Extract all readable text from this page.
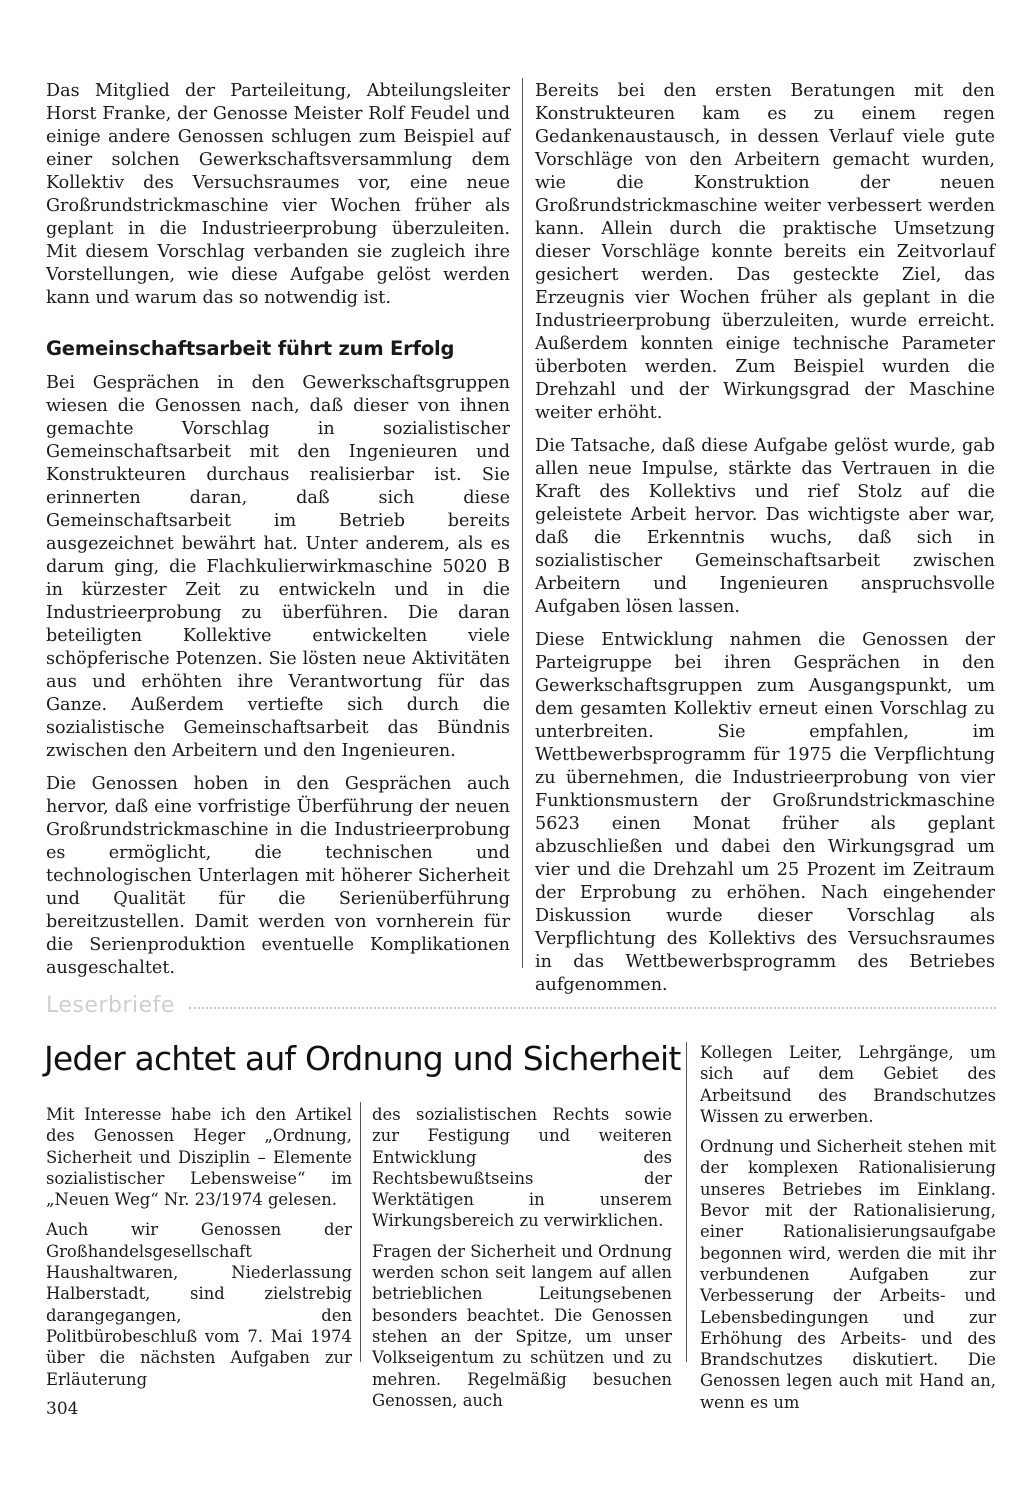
Das Mitglied der Parteileitung, Abteilungsleiter Horst Franke, der Genosse Meister Rolf Feudel und einige andere Genossen schlugen zum Beispiel auf einer solchen Gewerkschaftsversammlung dem Kollektiv des Versuchsraumes vor, eine neue Großrundstrickmaschine vier Wochen früher als geplant in die Industrieerprobung überzuleiten. Mit diesem Vorschlag verbanden sie zugleich ihre Vorstellungen, wie diese Aufgabe gelöst werden kann und warum das so notwendig ist.

Gemeinschaftsarbeit führt zum Erfolg

Bei Gesprächen in den Gewerkschaftsgruppen wiesen die Genossen nach, daß dieser von ihnen gemachte Vorschlag in sozialistischer Gemeinschaftsarbeit mit den Ingenieuren und Konstrukteuren durchaus realisierbar ist. Sie erinnerten daran, daß sich diese Gemeinschaftsarbeit im Betrieb bereits ausgezeichnet bewährt hat. Unter anderem, als es darum ging, die Flachkulierwirkmaschine 5020 B in kürzester Zeit zu entwickeln und in die Industrieerprobung zu überführen. Die daran beteiligten Kollektive entwickelten viele schöpferische Potenzen. Sie lösten neue Aktivitäten aus und erhöhten ihre Verantwortung für das Ganze. Außerdem vertiefte sich durch die sozialistische Gemeinschaftsarbeit das Bündnis zwischen den Arbeitern und den Ingenieuren.

Die Genossen hoben in den Gesprächen auch hervor, daß eine vorfristige Überführung der neuen Großrundstrickmaschine in die Industrieerprobung es ermöglicht, die technischen und technologischen Unterlagen mit höherer Sicherheit und Qualität für die Serienüberführung bereitzustellen. Damit werden von vornherein für die Serienproduktion eventuelle Komplikationen ausgeschaltet.

Bereits bei den ersten Beratungen mit den Konstrukteuren kam es zu einem regen Gedankenaustausch, in dessen Verlauf viele gute Vorschläge von den Arbeitern gemacht wurden, wie die Konstruktion der neuen Großrundstrickmaschine weiter verbessert werden kann. Allein durch die praktische Umsetzung dieser Vorschläge konnte bereits ein Zeitvorlauf gesichert werden. Das gesteckte Ziel, das Erzeugnis vier Wochen früher als geplant in die Industrieerprobung überzuleiten, wurde erreicht. Außerdem konnten einige technische Parameter überboten werden. Zum Beispiel wurden die Drehzahl und der Wirkungsgrad der Maschine weiter erhöht.

Die Tatsache, daß diese Aufgabe gelöst wurde, gab allen neue Impulse, stärkte das Vertrauen in die Kraft des Kollektivs und rief Stolz auf die geleistete Arbeit hervor. Das wichtigste aber war, daß die Erkenntnis wuchs, daß sich in sozialistischer Gemeinschaftsarbeit zwischen Arbeitern und Ingenieuren anspruchsvolle Aufgaben lösen lassen.

Diese Entwicklung nahmen die Genossen der Parteigruppe bei ihren Gesprächen in den Gewerkschaftsgruppen zum Ausgangspunkt, um dem gesamten Kollektiv erneut einen Vorschlag zu unterbreiten. Sie empfahlen, im Wettbewerbsprogramm für 1975 die Verpflichtung zu übernehmen, die Industrieerprobung von vier Funktionsmustern der Großrundstrickmaschine 5623 einen Monat früher als geplant abzuschließen und dabei den Wirkungsgrad um vier und die Drehzahl um 25 Prozent im Zeitraum der Erprobung zu erhöhen. Nach eingehender Diskussion wurde dieser Vorschlag als Verpflichtung des Kollektivs des Versuchsraumes in das Wettbewerbsprogramm des Betriebes aufgenommen.

Leserbriefe
Jeder achtet auf Ordnung und Sicherheit

Mit Interesse habe ich den Artikel des Genossen Heger „Ordnung, Sicherheit und Disziplin – Elemente sozialistischer Lebensweise“ im „Neuen Weg“ Nr. 23/1974 gelesen.

Auch wir Genossen der Großhandelsgesellschaft Haushaltwaren, Niederlassung Halberstadt, sind zielstrebig darangegangen, den Politbürobeschluß vom 7. Mai 1974 über die nächsten Aufgaben zur Erläuterung

des sozialistischen Rechts sowie zur Festigung und weiteren Entwicklung des Rechtsbewußtseins der Werktätigen in unserem Wirkungsbereich zu verwirklichen.

Fragen der Sicherheit und Ordnung werden schon seit langem auf allen betrieblichen Leitungsebenen besonders beachtet. Die Genossen stehen an der Spitze, um unser Volkseigentum zu schützen und zu mehren. Regelmäßig besuchen Genossen, auch

Kollegen Leiter, Lehrgänge, um sich auf dem Gebiet des Arbeitsund des Brandschutzes Wissen zu erwerben.

Ordnung und Sicherheit stehen mit der komplexen Rationalisierung unseres Betriebes im Einklang. Bevor mit der Rationalisierung, einer Rationalisierungsaufgabe begonnen wird, werden die mit ihr verbundenen Aufgaben zur Verbesserung der Arbeits- und Lebensbedingungen und zur Erhöhung des Arbeits- und des Brandschutzes diskutiert. Die Genossen legen auch mit Hand an, wenn es um

304
